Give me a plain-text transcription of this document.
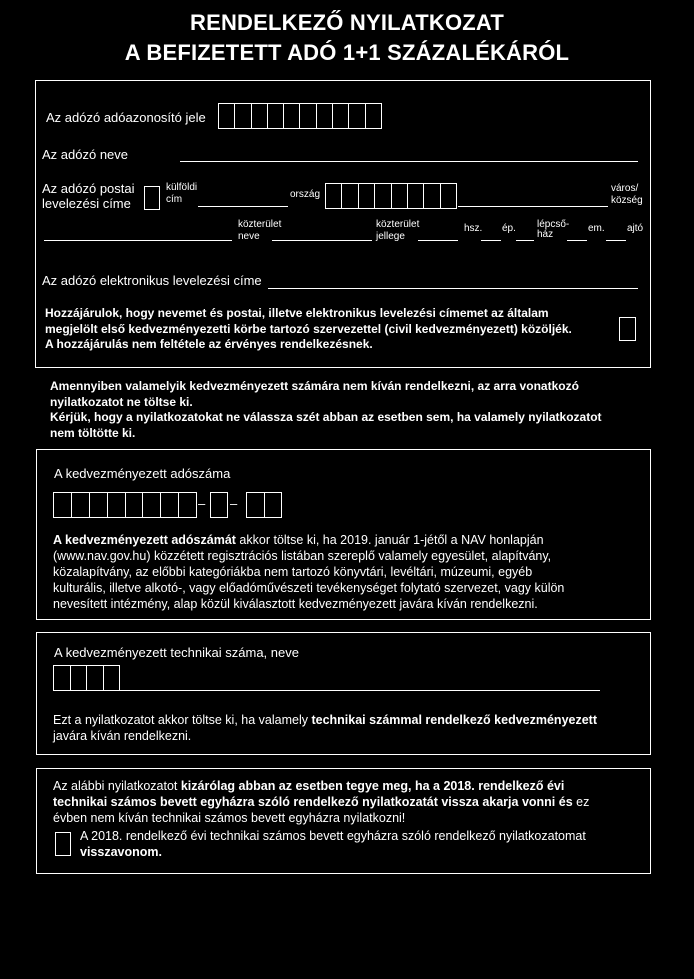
RENDELKEZŐ NYILATKOZAT
A BEFIZETETT ADÓ 1+1 SZÁZALÉKÁRÓL
Az adózó adóazonosító jele
Az adózó neve
Az adózó postai
levelezési címe
külföldi
cím	ország
város/
község
közterület
neve
közterület
jellege
hsz. ép. lépcső-
ház
em. ajtó
Az adózó elektronikus levelezési címe
Hozzájárulok, hogy nevemet és postai, illetve elektronikus levelezési címemet az általam
megjelölt első kedvezményezetti körbe tartozó szervezettel (civil kedvezményezett) közöljék.
A hozzájárulás nem feltétele az érvényes rendelkezésnek.
Amennyiben valamelyik kedvezményezett számára nem kíván rendelkezni, az arra vonatkozó
nyilatkozatot ne töltse ki.
Kérjük, hogy a nyilatkozatokat ne válassza szét abban az esetben sem, ha valamely nyilatkozatot
nem töltötte ki.
A kedvezményezett adószáma
– –
A kedvezményezett adószámát akkor töltse ki, ha 2019. január 1-jétől a NAV honlapján
(www.nav.gov.hu) közzétett regisztrációs listában szereplő valamely egyesület, alapítvány,
közalapítvány, az előbbi kategóriákba nem tartozó könyvtári, levéltári, múzeumi, egyéb
kulturális, illetve alkotó-, vagy előadóművészeti tevékenységet folytató szervezet, vagy külön
nevesített intézmény, alap közül kiválasztott kedvezményezett javára kíván rendelkezni.
A kedvezményezett technikai száma, neve
Ezt a nyilatkozatot akkor töltse ki, ha valamely technikai számmal rendelkező kedvezményezett
javára kíván rendelkezni.
Az alábbi nyilatkozatot kizárólag abban az esetben tegye meg, ha a 2018. rendelkező évi
technikai számos bevett egyházra szóló rendelkező nyilatkozatát vissza akarja vonni és ez
évben nem kíván technikai számos bevett egyházra nyilatkozni!
A 2018. rendelkező évi technikai számos bevett egyházra szóló rendelkező nyilatkozatomat
visszavonom.
